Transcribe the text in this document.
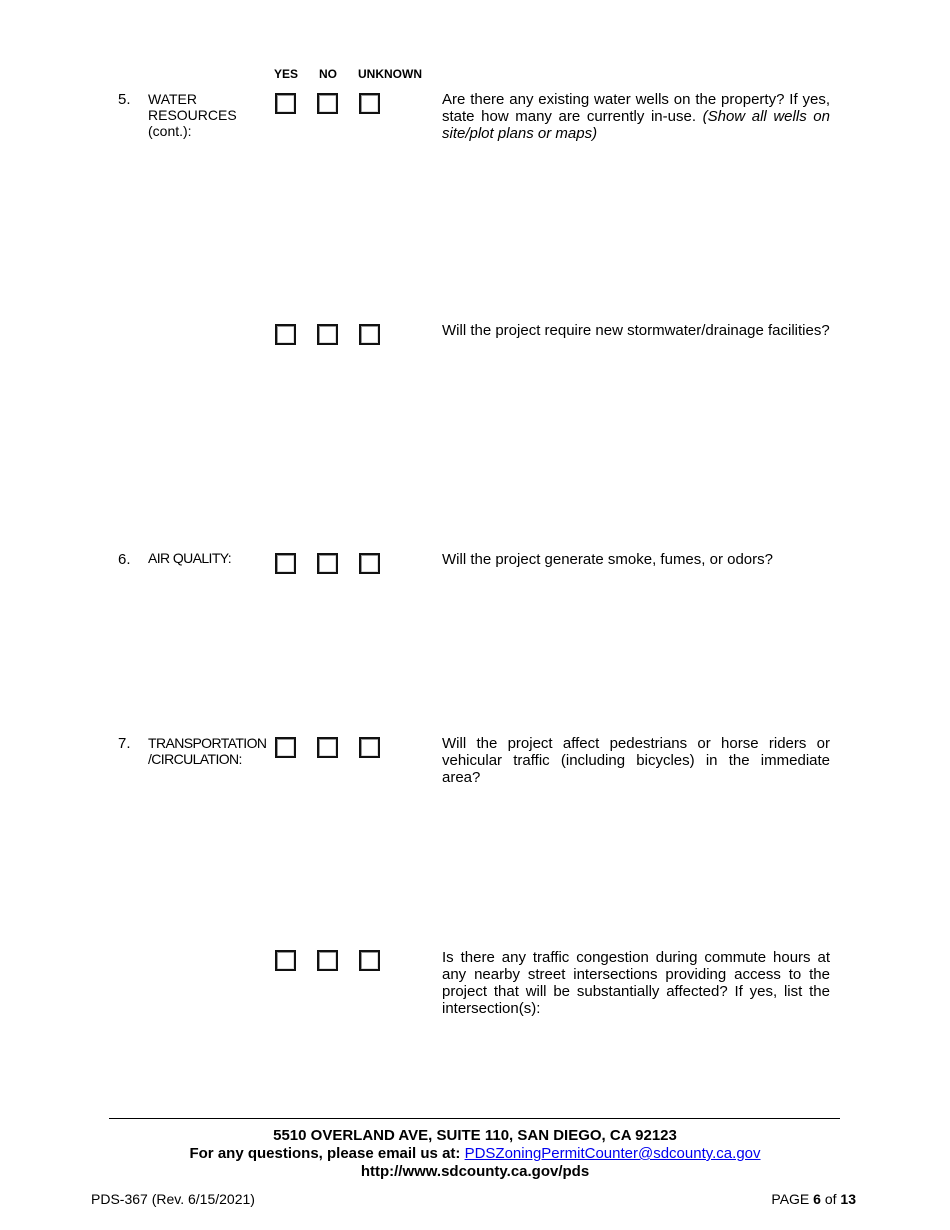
YES NO UNKNOWN
5. WATER
RESOURCES
(cont.):
Are there any existing water wells on the property? If yes, state how many are currently in-use. (Show all wells on site/plot plans or maps)
Will the project require new stormwater/drainage facilities?
6. AIR QUALITY:	Will the project generate smoke, fumes, or odors?
7. TRANSPORTATION
/CIRCULATION:
Will the project affect pedestrians or horse riders or vehicular traffic (including bicycles) in the immediate area?
Is there any traffic congestion during commute hours at any nearby street intersections providing access to the project that will be substantially affected? If yes, list the intersection(s):
5510 OVERLAND AVE, SUITE 110, SAN DIEGO, CA 92123
For any questions, please email us at: PDSZoningPermitCounter@sdcounty.ca.gov
http://www.sdcounty.ca.gov/pds
PDS-367 (Rev. 6/15/2021)	PAGE 6 of 13
